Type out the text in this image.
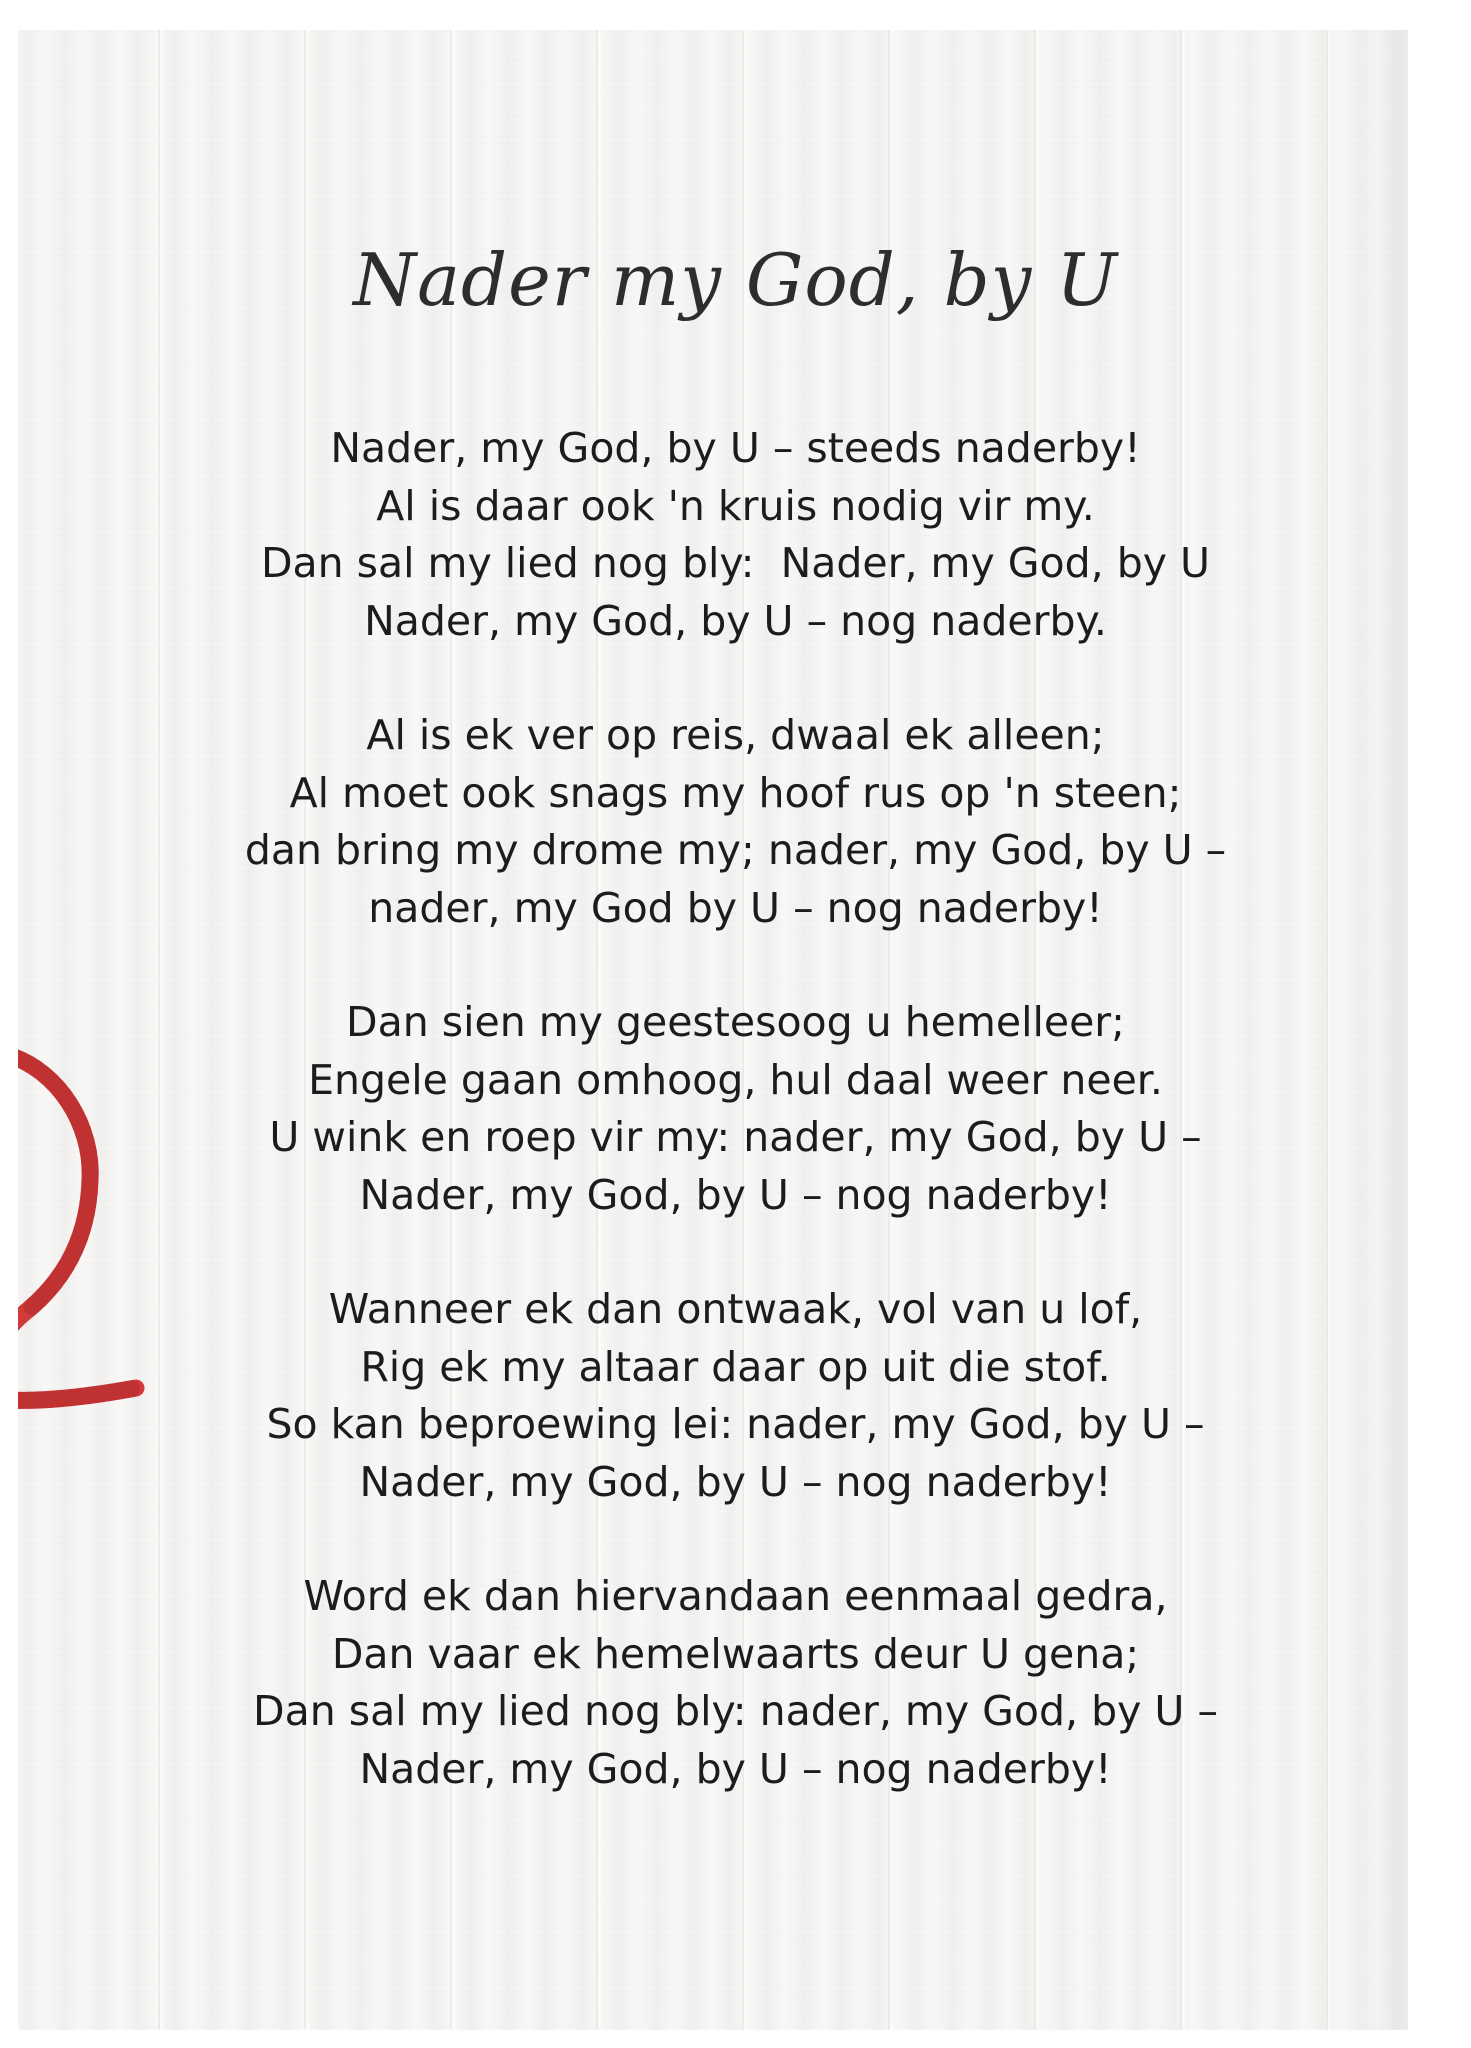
Nader my God, by U
Nader, my God, by U – steeds naderby!
Al is daar ook 'n kruis nodig vir my.
Dan sal my lied nog bly:  Nader, my God, by U
Nader, my God, by U – nog naderby.
Al is ek ver op reis, dwaal ek alleen;
Al moet ook snags my hoof rus op 'n steen;
dan bring my drome my; nader, my God, by U –
nader, my God by U – nog naderby!
Dan sien my geestesoog u hemelleer;
Engele gaan omhoog, hul daal weer neer.
U wink en roep vir my: nader, my God, by U –
Nader, my God, by U – nog naderby!
Wanneer ek dan ontwaak, vol van u lof,
Rig ek my altaar daar op uit die stof.
So kan beproewing lei: nader, my God, by U –
Nader, my God, by U – nog naderby!
Word ek dan hiervandaan eenmaal gedra,
Dan vaar ek hemelwaarts deur U gena;
Dan sal my lied nog bly: nader, my God, by U –
Nader, my God, by U – nog naderby!
